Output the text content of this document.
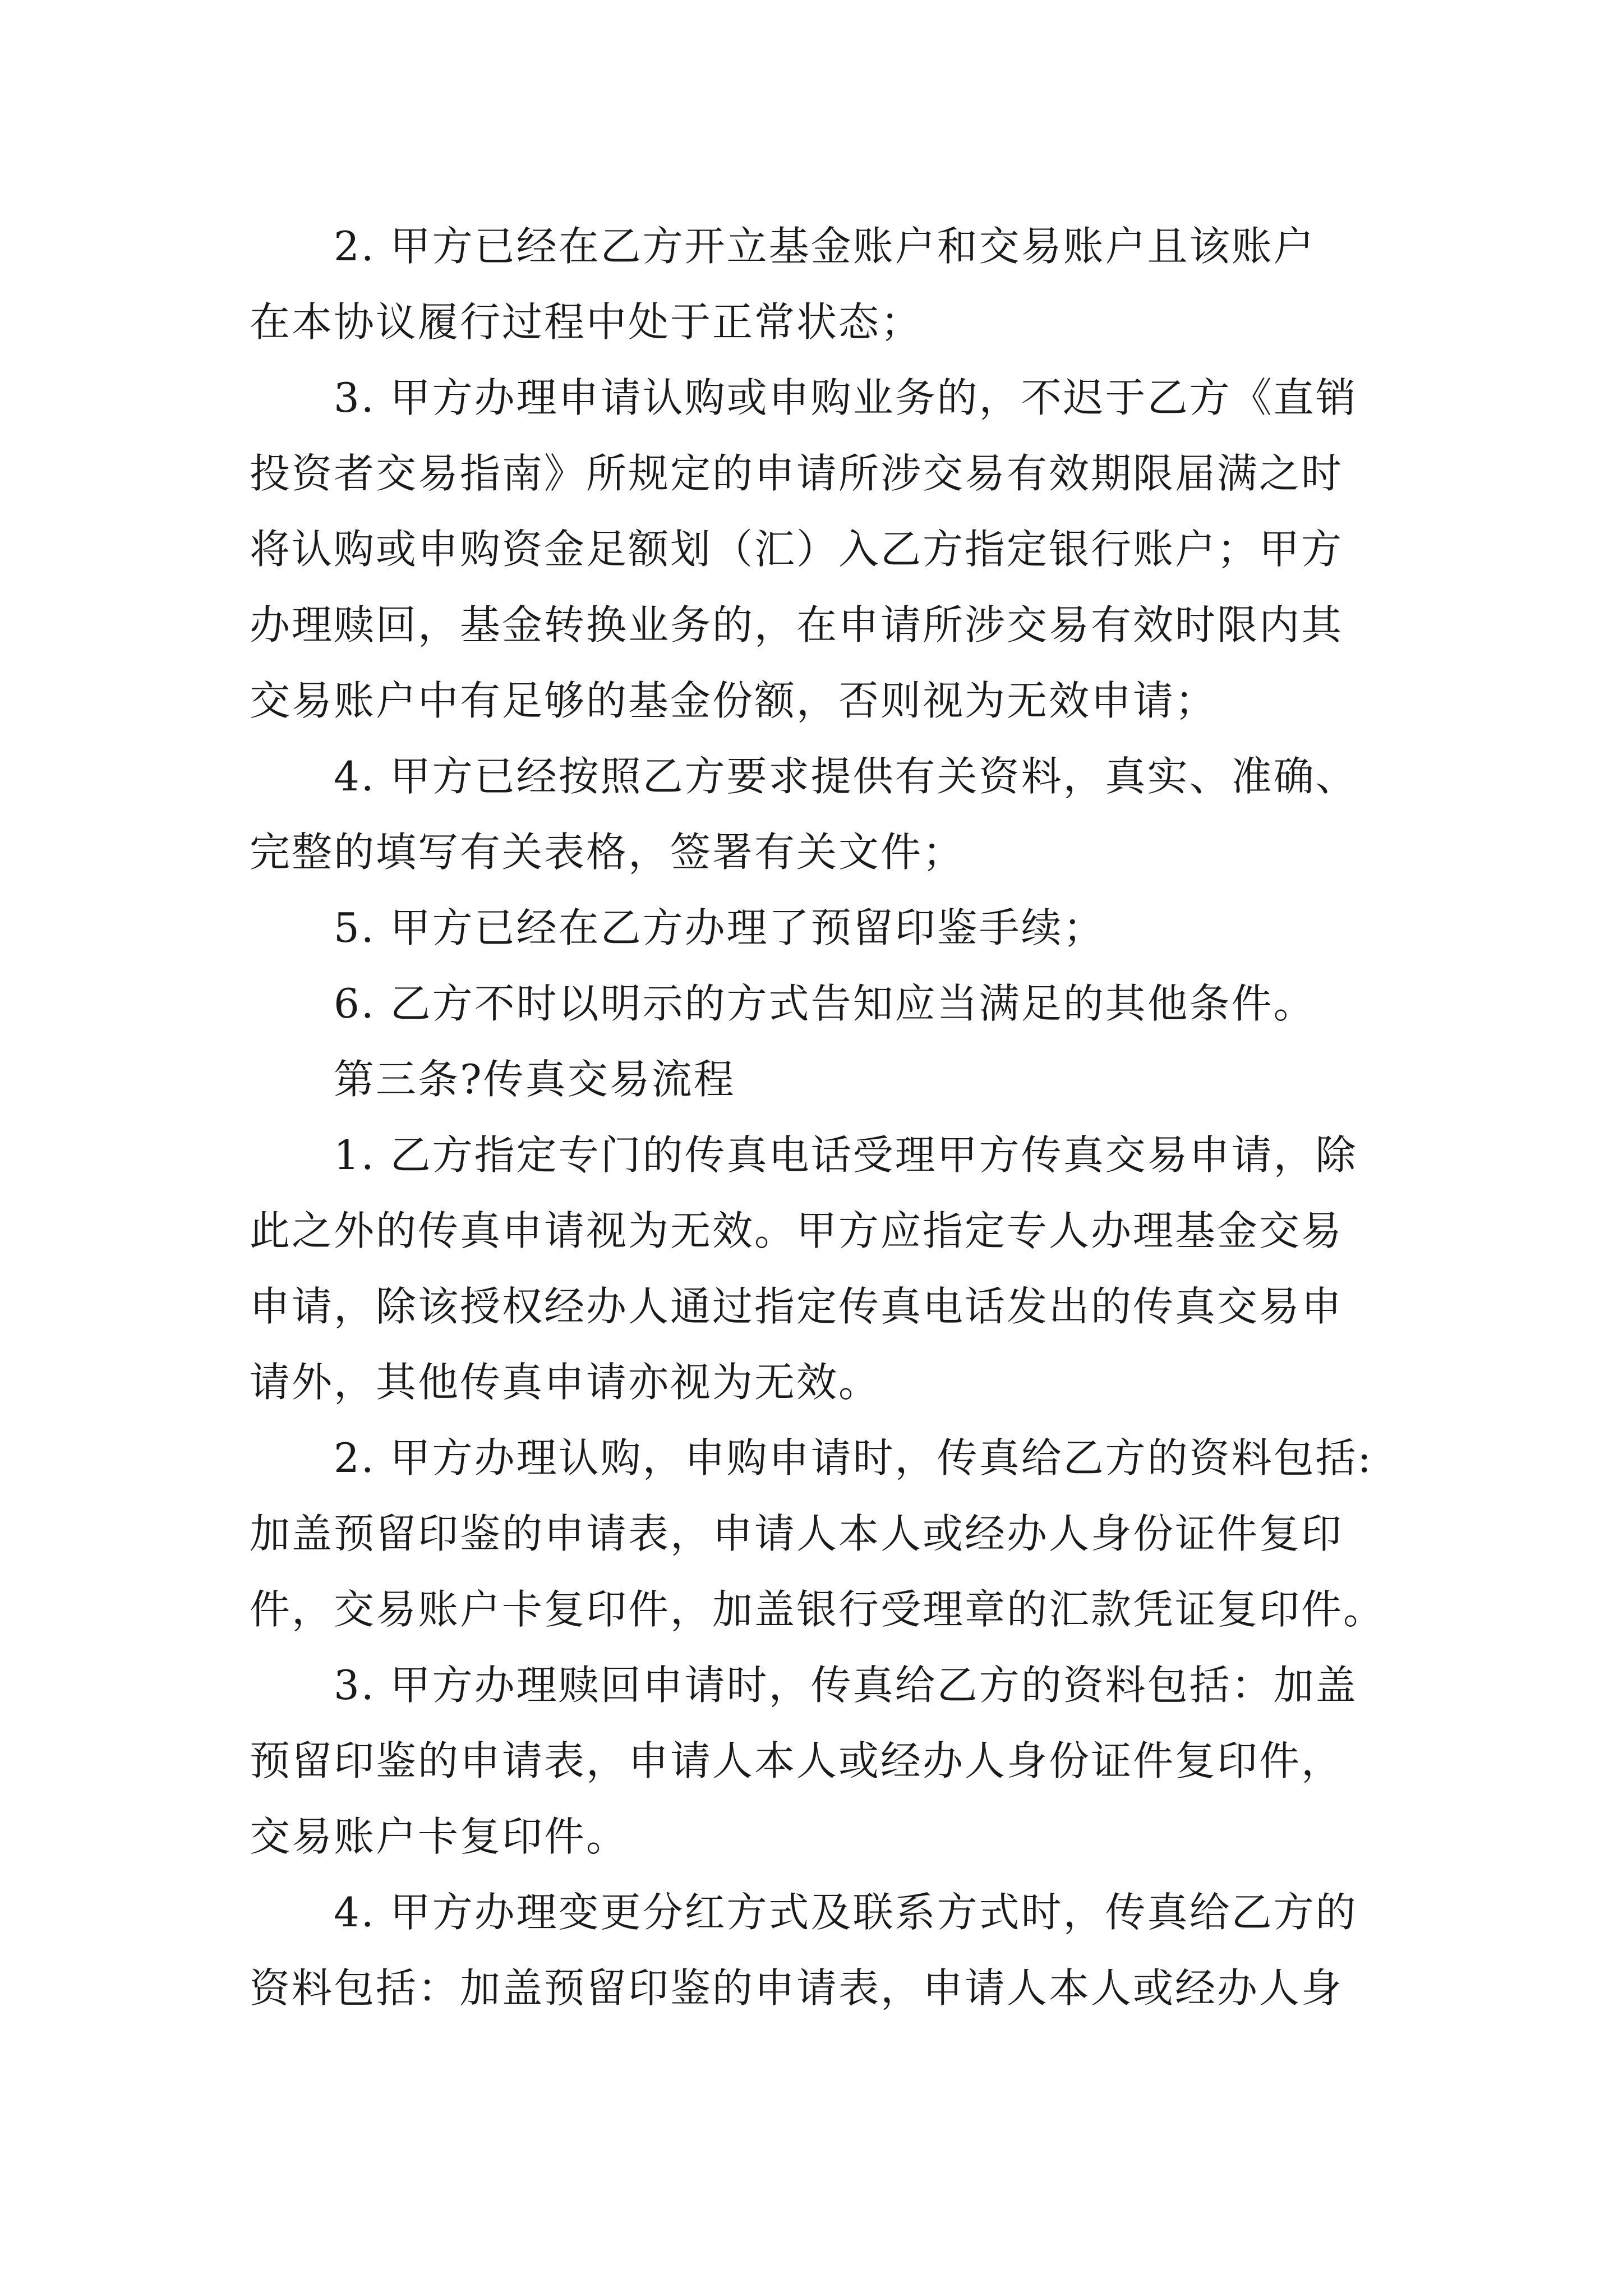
2. 甲方已经在乙方开立基金账户和交易账户且该账户
在本协议履行过程中处于正常状态；

3. 甲方办理申请认购或申购业务的，不迟于乙方《直销
投资者交易指南》所规定的申请所涉交易有效期限届满之时
将认购或申购资金足额划（汇）入乙方指定银行账户；甲方
办理赎回，基金转换业务的，在申请所涉交易有效时限内其
交易账户中有足够的基金份额，否则视为无效申请；

4. 甲方已经按照乙方要求提供有关资料，真实、准确、
完整的填写有关表格，签署有关文件；

5. 甲方已经在乙方办理了预留印鉴手续；

6. 乙方不时以明示的方式告知应当满足的其他条件。

第三条?传真交易流程

1. 乙方指定专门的传真电话受理甲方传真交易申请，除
此之外的传真申请视为无效。甲方应指定专人办理基金交易
申请，除该授权经办人通过指定传真电话发出的传真交易申
请外，其他传真申请亦视为无效。

2. 甲方办理认购，申购申请时，传真给乙方的资料包括:
加盖预留印鉴的申请表，申请人本人或经办人身份证件复印
件，交易账户卡复印件，加盖银行受理章的汇款凭证复印件。

3. 甲方办理赎回申请时，传真给乙方的资料包括：加盖
预留印鉴的申请表，申请人本人或经办人身份证件复印件，
交易账户卡复印件。

4. 甲方办理变更分红方式及联系方式时，传真给乙方的
资料包括：加盖预留印鉴的申请表，申请人本人或经办人身
